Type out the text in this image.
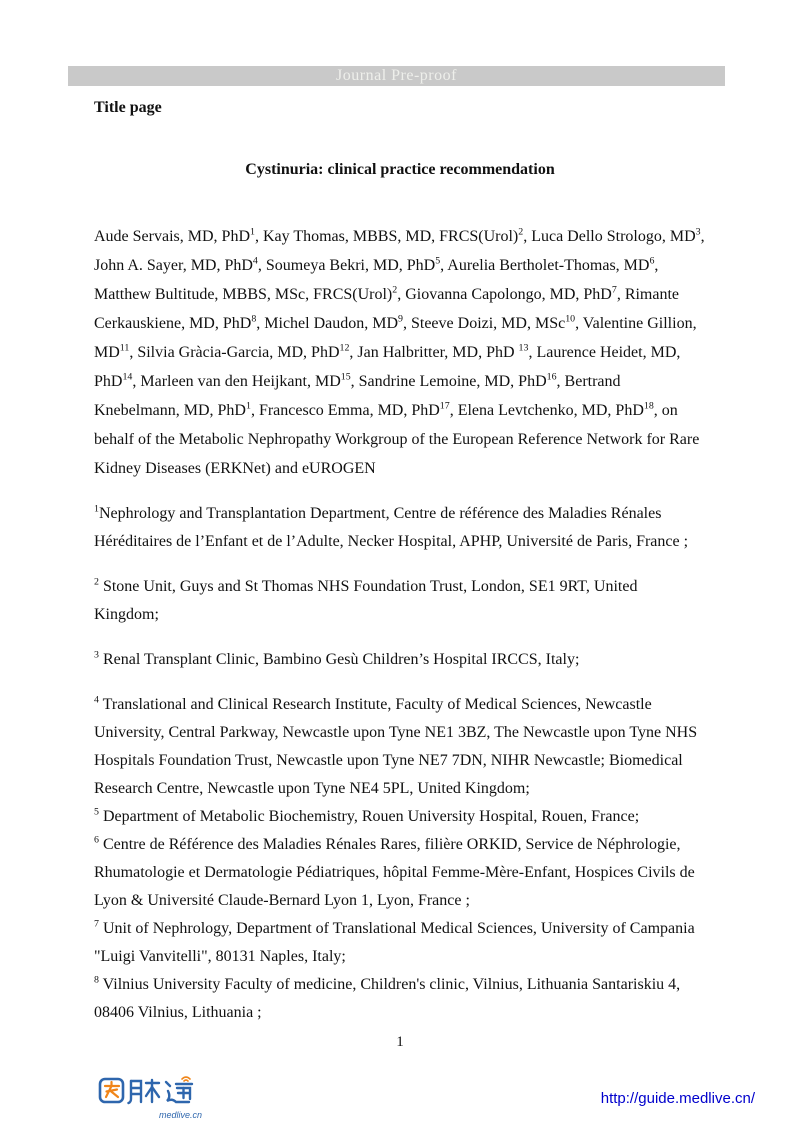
Journal Pre-proof
Title page
Cystinuria: clinical practice recommendation

Aude Servais, MD, PhD$^1$, Kay Thomas, MBBS, MD, FRCS(Urol)$^2$, Luca Dello Strologo, $MD^3$, John A. Sayer, MD, PhD$^4$, Soumeya Bekri, MD, PhD$^5$, Aurelia Bertholet-Thomas, $MD^6$, Matthew Bultitude, MBBS, MSc, FRCS(Urol)$^2$, Giovanna Capolongo, MD, PhD$^7$, Rimante Cerkauskiene, MD, PhD$^8$, Michel Daudon, $MD^9$, Steeve Doizi, MD, MSc$^{10}$, Valentine Gillion, MD$^{11}$, Silvia Gràcia-Garcia, MD, PhD$^{12}$, Jan Halbritter, MD, PhD $^{13}$, Laurence Heidet, MD, PhD$^{14}$, Marleen van den Heijkant, MD$^{15}$, Sandrine Lemoine, MD, PhD$^{16}$, Bertrand Knebelmann, MD, PhD$^1$, Francesco Emma, MD, PhD$^{17}$, Elena Levtchenko, MD, PhD$^{18}$, on behalf of the Metabolic Nephropathy Workgroup of the European Reference Network for Rare Kidney Diseases (ERKNet) and eUROGEN

$^1$Nephrology and Transplantation Department, Centre de référence des Maladies Rénales Héréditaires de l’Enfant et de l’Adulte, Necker Hospital, APHP, Université de Paris, France ;

$^2$ Stone Unit, Guys and St Thomas NHS Foundation Trust, London, SE1 9RT, United Kingdom;

$^3$ Renal Transplant Clinic, Bambino Gesù Children’s Hospital IRCCS, Italy;

$^4$ Translational and Clinical Research Institute, Faculty of Medical Sciences, Newcastle University, Central Parkway, Newcastle upon Tyne NE1 3BZ, The Newcastle upon Tyne NHS Hospitals Foundation Trust, Newcastle upon Tyne NE7 7DN, NIHR Newcastle; Biomedical Research Centre, Newcastle upon Tyne NE4 5PL, United Kingdom;

$^5$ Department of Metabolic Biochemistry, Rouen University Hospital, Rouen, France;

$^6$ Centre de Référence des Maladies Rénales Rares, filière ORKID, Service de Néphrologie, Rhumatologie et Dermatologie Pédiatriques, hôpital Femme-Mère-Enfant, Hospices Civils de Lyon & Université Claude-Bernard Lyon 1, Lyon, France ;

$^7$ Unit of Nephrology, Department of Translational Medical Sciences, University of Campania "Luigi Vanvitelli", 80131 Naples, Italy;

$^8$ Vilnius University Faculty of medicine, Children's clinic, Vilnius, Lithuania Santariskiu 4, 08406 Vilnius, Lithuania ;

1
medlive.cn
http://guide.medlive.cn/
